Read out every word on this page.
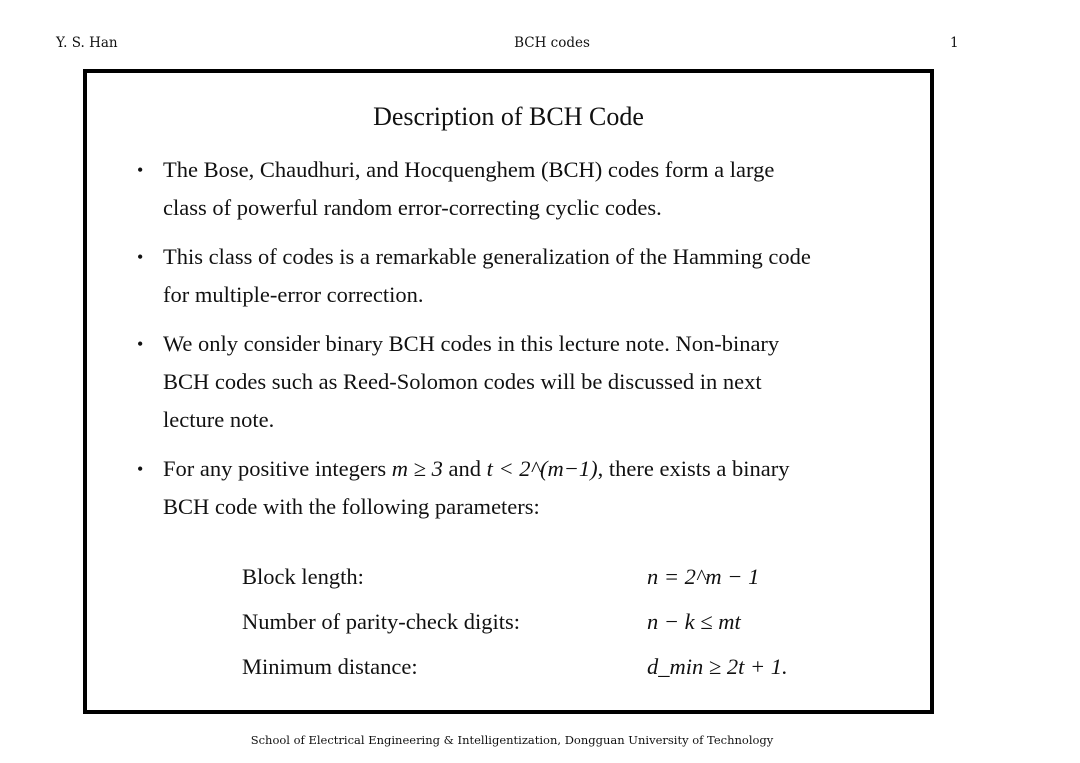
Y. S. Han	BCH codes	1
Description of BCH Code
• The Bose, Chaudhuri, and Hocquenghem (BCH) codes form a large class of powerful random error-correcting cyclic codes.
• This class of codes is a remarkable generalization of the Hamming code for multiple-error correction.
• We only consider binary BCH codes in this lecture note. Non-binary BCH codes such as Reed-Solomon codes will be discussed in next lecture note.
• For any positive integers m ≥ 3 and t < 2^(m−1), there exists a binary BCH code with the following parameters:
Block length:	n = 2^m − 1
Number of parity-check digits:	n − k ≤ mt
Minimum distance:	d_min ≥ 2t + 1.
School of Electrical Engineering & Intelligentization, Dongguan University of Technology
